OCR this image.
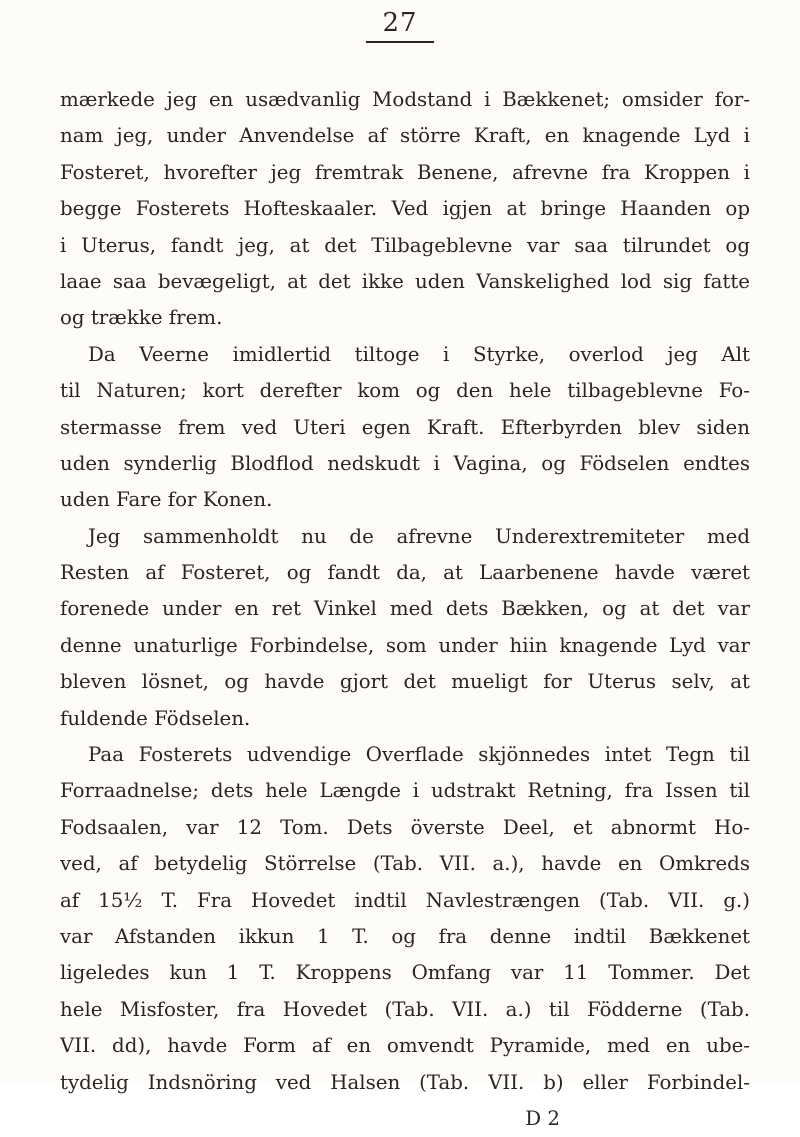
27
mærkede jeg en usædvanlig Modstand i Bækkenet; omsider for-
nam jeg, under Anvendelse af större Kraft, en knagende Lyd i
Fosteret, hvorefter jeg fremtrak Benene, afrevne fra Kroppen i
begge Fosterets Hofteskaaler. Ved igjen at bringe Haanden op
i Uterus, fandt jeg, at det Tilbageblevne var saa tilrundet og
laae saa bevægeligt, at det ikke uden Vanskelighed lod sig fatte
og trække frem.
Da Veerne imidlertid tiltoge i Styrke, overlod jeg Alt
til Naturen; kort derefter kom og den hele tilbageblevne Fo-
stermasse frem ved Uteri egen Kraft. Efterbyrden blev siden
uden synderlig Blodflod nedskudt i Vagina, og Födselen endtes
uden Fare for Konen.
Jeg sammenholdt nu de afrevne Underextremiteter med
Resten af Fosteret, og fandt da, at Laarbenene havde været
forenede under en ret Vinkel med dets Bækken, og at det var
denne unaturlige Forbindelse, som under hiin knagende Lyd var
bleven lösnet, og havde gjort det mueligt for Uterus selv, at
fuldende Födselen.
Paa Fosterets udvendige Overflade skjönnedes intet Tegn til
Forraadnelse; dets hele Længde i udstrakt Retning, fra Issen til
Fodsaalen, var 12 Tom. Dets överste Deel, et abnormt Ho-
ved, af betydelig Störrelse (Tab. VII. a.), havde en Omkreds
af 15½ T. Fra Hovedet indtil Navlestrængen (Tab. VII. g.)
var Afstanden ikkun 1 T. og fra denne indtil Bækkenet
ligeledes kun 1 T. Kroppens Omfang var 11 Tommer. Det
hele Misfoster, fra Hovedet (Tab. VII. a.) til Födderne (Tab.
VII. dd), havde Form af en omvendt Pyramide, med en ube-
tydelig Indsnöring ved Halsen (Tab. VII. b) eller Forbindel-
D 2
